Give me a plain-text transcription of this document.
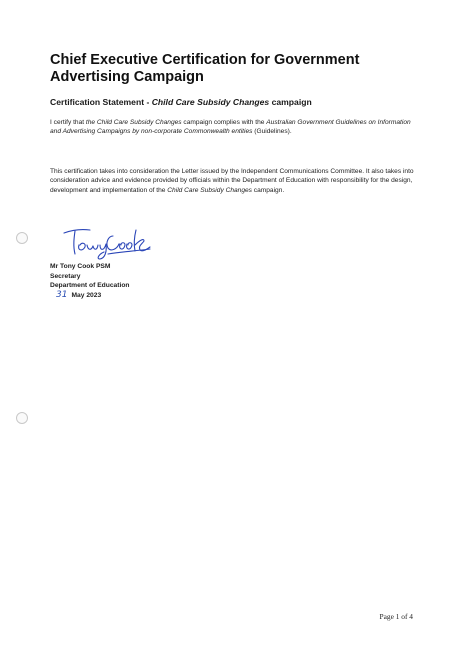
Chief Executive Certification for Government Advertising Campaign
Certification Statement - Child Care Subsidy Changes campaign
I certify that the Child Care Subsidy Changes campaign complies with the Australian Government Guidelines on Information and Advertising Campaigns by non-corporate Commonwealth entities (Guidelines).
This certification takes into consideration the Letter issued by the Independent Communications Committee. It also takes into consideration advice and evidence provided by officials within the Department of Education with responsibility for the design, development and implementation of the Child Care Subsidy Changes campaign.
Mr Tony Cook PSM
Secretary
Department of Education
31 May 2023
Page 1 of 4
